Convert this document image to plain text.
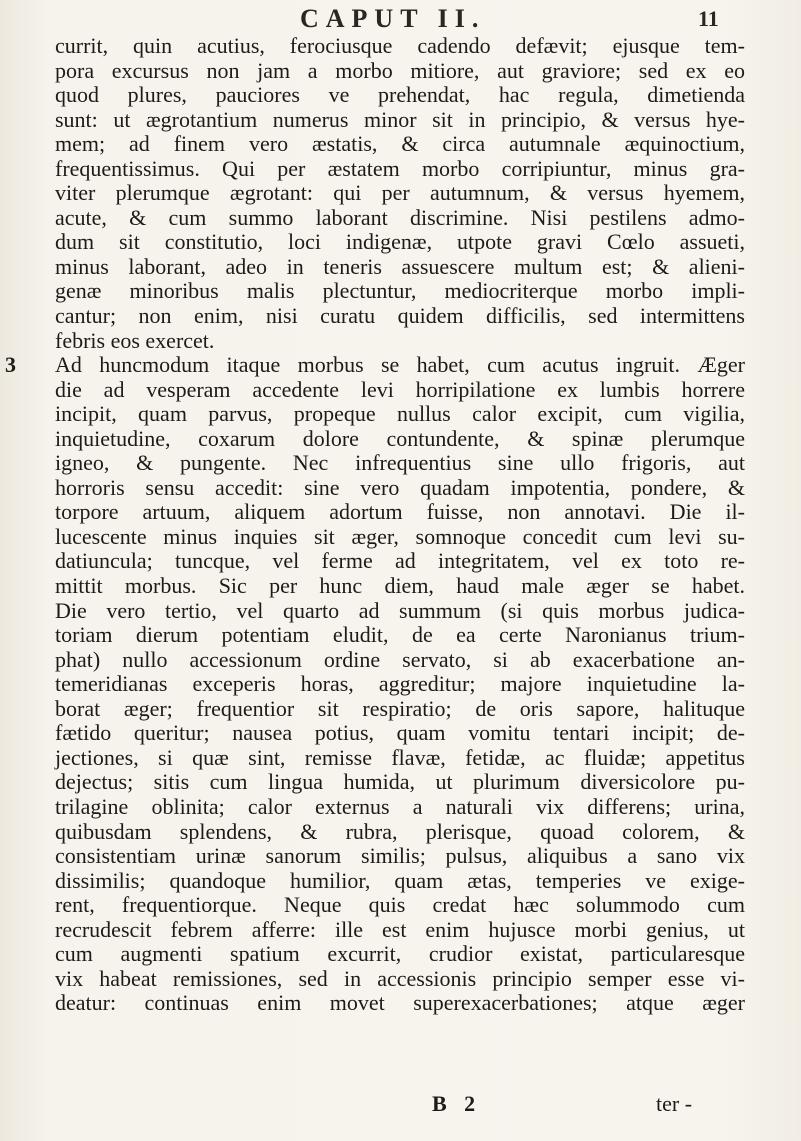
CAPUT II.	11
currit, quin acutius, ferociusque cadendo defævit; ejusque tem-
pora excursus non jam a morbo mitiore, aut graviore; sed ex eo
quod plures, pauciores ve prehendat, hac regula, dimetienda
sunt: ut ægrotantium numerus minor sit in principio, & versus hye-
mem; ad finem vero æstatis, & circa autumnale æquinoctium,
frequentissimus. Qui per æstatem morbo corripiuntur, minus gra-
viter plerumque ægrotant: qui per autumnum, & versus hyemem,
acute, & cum summo laborant discrimine. Nisi pestilens admo-
dum sit constitutio, loci indigenæ, utpote gravi Cœlo assueti,
minus laborant, adeo in teneris assuescere multum est; & alieni-
genæ minoribus malis plectuntur, mediocriterque morbo impli-
cantur; non enim, nisi curatu quidem difficilis, sed intermittens
febris eos exercet.
3 Ad huncmodum itaque morbus se habet, cum acutus ingruit. Æger
die ad vesperam accedente levi horripilatione ex lumbis horrere
incipit, quam parvus, propeque nullus calor excipit, cum vigilia,
inquietudine, coxarum dolore contundente, & spinæ plerumque
igneo, & pungente. Nec infrequentius sine ullo frigoris, aut
horroris sensu accedit: sine vero quadam impotentia, pondere, &
torpore artuum, aliquem adortum fuisse, non annotavi. Die il-
lucescente minus inquies sit æger, somnoque concedit cum levi su-
datiuncula; tuncque, vel ferme ad integritatem, vel ex toto re-
mittit morbus. Sic per hunc diem, haud male æger se habet.
Die vero tertio, vel quarto ad summum (si quis morbus judica-
toriam dierum potentiam eludit, de ea certe Naronianus trium-
phat) nullo accessionum ordine servato, si ab exacerbatione an-
temeridianas exceperis horas, aggreditur; majore inquietudine la-
borat æger; frequentior sit respiratio; de oris sapore, halituque
fætido queritur; nausea potius, quam vomitu tentari incipit; de-
jectiones, si quæ sint, remisse flavæ, fetidæ, ac fluidæ; appetitus
dejectus; sitis cum lingua humida, ut plurimum diversicolore pu-
trilagine oblinita; calor externus a naturali vix differens; urina,
quibusdam splendens, & rubra, plerisque, quoad colorem, &
consistentiam urinæ sanorum similis; pulsus, aliquibus a sano vix
dissimilis; quandoque humilior, quam ætas, temperies ve exige-
rent, frequentiorque. Neque quis credat hæc solummodo cum
recrudescit febrem afferre: ille est enim hujusce morbi genius, ut
cum augmenti spatium excurrit, crudior existat, particularesque
vix habeat remissiones, sed in accessionis principio semper esse vi-
deatur: continuas enim movet superexacerbationes; atque æger
B 2	ter -
